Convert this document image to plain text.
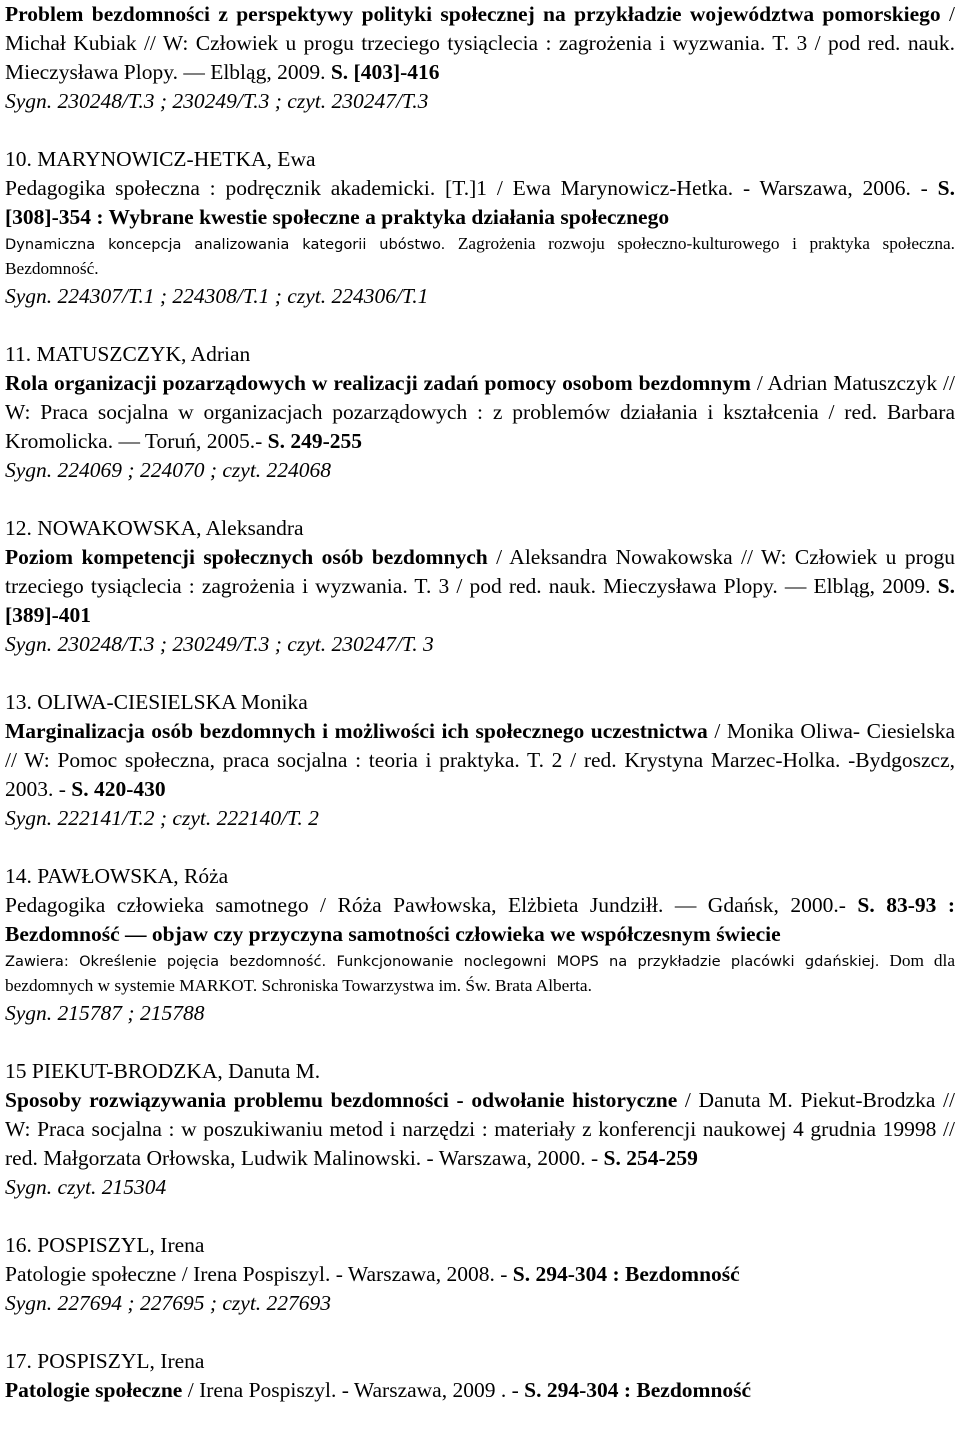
Problem bezdomności z perspektywy polityki społecznej na przykładzie województwa pomorskiego / Michał Kubiak // W: Człowiek u progu trzeciego tysiąclecia : zagrożenia i wyzwania. T. 3 / pod red. nauk. Mieczysława Plopy. — Elbląg, 2009. S. [403]-416

Sygn. 230248/T.3 ; 230249/T.3 ; czyt. 230247/T.3

10. MARYNOWICZ-HETKA, Ewa

Pedagogika społeczna : podręcznik akademicki. [T.]1 / Ewa Marynowicz-Hetka. - Warszawa, 2006. - S. [308]-354 : Wybrane kwestie społeczne a praktyka działania społecznego

Dynamiczna koncepcja analizowania kategorii ubóstwo. Zagrożenia rozwoju społeczno-kulturowego i praktyka społeczna. Bezdomność.

Sygn. 224307/T.1 ; 224308/T.1 ; czyt. 224306/T.1

11. MATUSZCZYK, Adrian

Rola organizacji pozarządowych w realizacji zadań pomocy osobom bezdomnym / Adrian Matuszczyk // W: Praca socjalna w organizacjach pozarządowych : z problemów działania i kształcenia / red. Barbara Kromolicka. — Toruń, 2005.- S. 249-255

Sygn. 224069 ; 224070 ; czyt. 224068

12. NOWAKOWSKA, Aleksandra

Poziom kompetencji społecznych osób bezdomnych / Aleksandra Nowakowska // W: Człowiek u progu trzeciego tysiąclecia : zagrożenia i wyzwania. T. 3 / pod red. nauk. Mieczysława Plopy. — Elbląg, 2009. S. [389]-401

Sygn. 230248/T.3 ; 230249/T.3 ; czyt. 230247/T. 3

13. OLIWA-CIESIELSKA Monika

Marginalizacja osób bezdomnych i możliwości ich społecznego uczestnictwa / Monika Oliwa- Ciesielska // W: Pomoc społeczna, praca socjalna : teoria i praktyka. T. 2 / red. Krystyna Marzec-Holka. -Bydgoszcz, 2003. - S. 420-430

Sygn. 222141/T.2 ; czyt. 222140/T. 2

14. PAWŁOWSKA, Róża

Pedagogika człowieka samotnego / Róża Pawłowska, Elżbieta Jundziłł. — Gdańsk, 2000.- S. 83-93 : Bezdomność — objaw czy przyczyna samotności człowieka we współczesnym świecie

Zawiera: Określenie pojęcia bezdomność. Funkcjonowanie noclegowni MOPS na przykładzie placówki gdańskiej. Dom dla bezdomnych w systemie MARKOT. Schroniska Towarzystwa im. Św. Brata Alberta.

Sygn. 215787 ; 215788

15 PIEKUT-BRODZKA, Danuta M.

Sposoby rozwiązywania problemu bezdomności - odwołanie historyczne / Danuta M. Piekut-Brodzka // W: Praca socjalna : w poszukiwaniu metod i narzędzi : materiały z konferencji naukowej 4 grudnia 19998 // red. Małgorzata Orłowska, Ludwik Malinowski. - Warszawa, 2000. - S. 254-259

Sygn. czyt. 215304

16. POSPISZYL, Irena

Patologie społeczne / Irena Pospiszyl. - Warszawa, 2008. - S. 294-304 : Bezdomność

Sygn. 227694 ; 227695 ; czyt. 227693

17. POSPISZYL, Irena

Patologie społeczne / Irena Pospiszyl. - Warszawa, 2009 . - S. 294-304 : Bezdomność
